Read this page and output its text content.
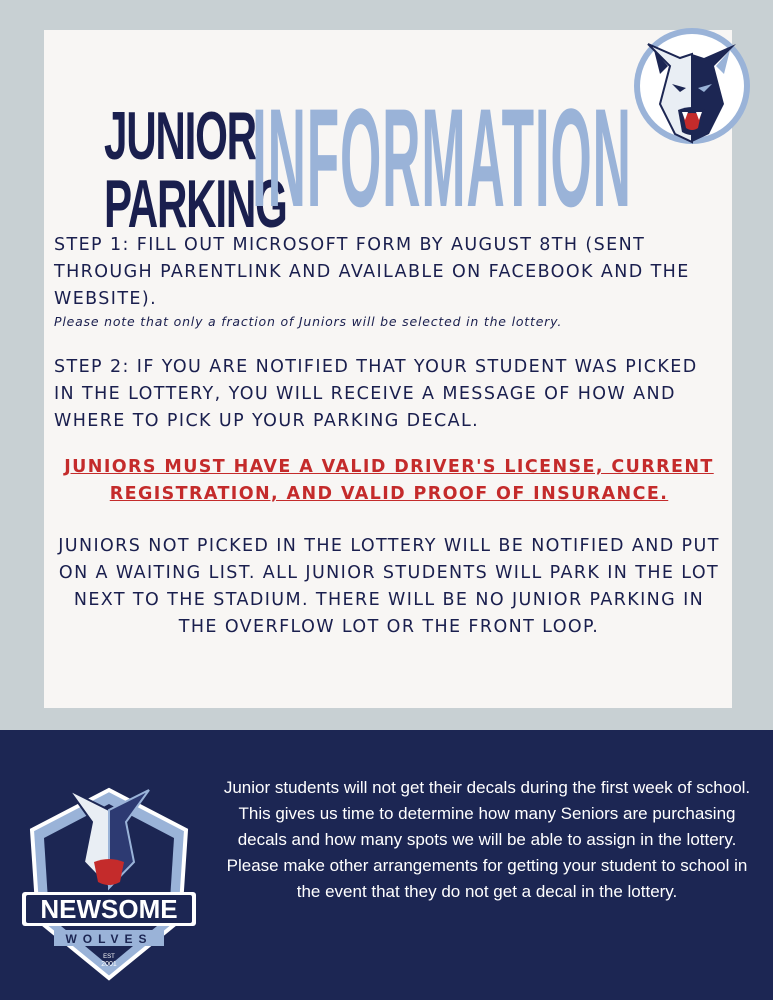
JUNIOR
PARKING
INFORMATION

STEP 1: FILL OUT MICROSOFT FORM BY AUGUST 8TH (SENT THROUGH PARENTLINK AND AVAILABLE ON FACEBOOK AND THE WEBSITE).

Please note that only a fraction of Juniors will be selected in the lottery.

STEP 2: IF YOU ARE NOTIFIED THAT YOUR STUDENT WAS PICKED IN THE LOTTERY, YOU WILL RECEIVE A MESSAGE OF HOW AND WHERE TO PICK UP YOUR PARKING DECAL.

JUNIORS MUST HAVE A VALID DRIVER'S LICENSE, CURRENT REGISTRATION, AND VALID PROOF OF INSURANCE.

JUNIORS NOT PICKED IN THE LOTTERY WILL BE NOTIFIED AND PUT ON A WAITING LIST. ALL JUNIOR STUDENTS WILL PARK IN THE LOT NEXT TO THE STADIUM. THERE WILL BE NO JUNIOR PARKING IN THE OVERFLOW LOT OR THE FRONT LOOP.

NEWSOME
WOLVES
EST
2001
Junior students will not get their decals during the first week of school. This gives us time to determine how many Seniors are purchasing decals and how many spots we will be able to assign in the lottery. Please make other arrangements for getting your student to school in the event that they do not get a decal in the lottery.
